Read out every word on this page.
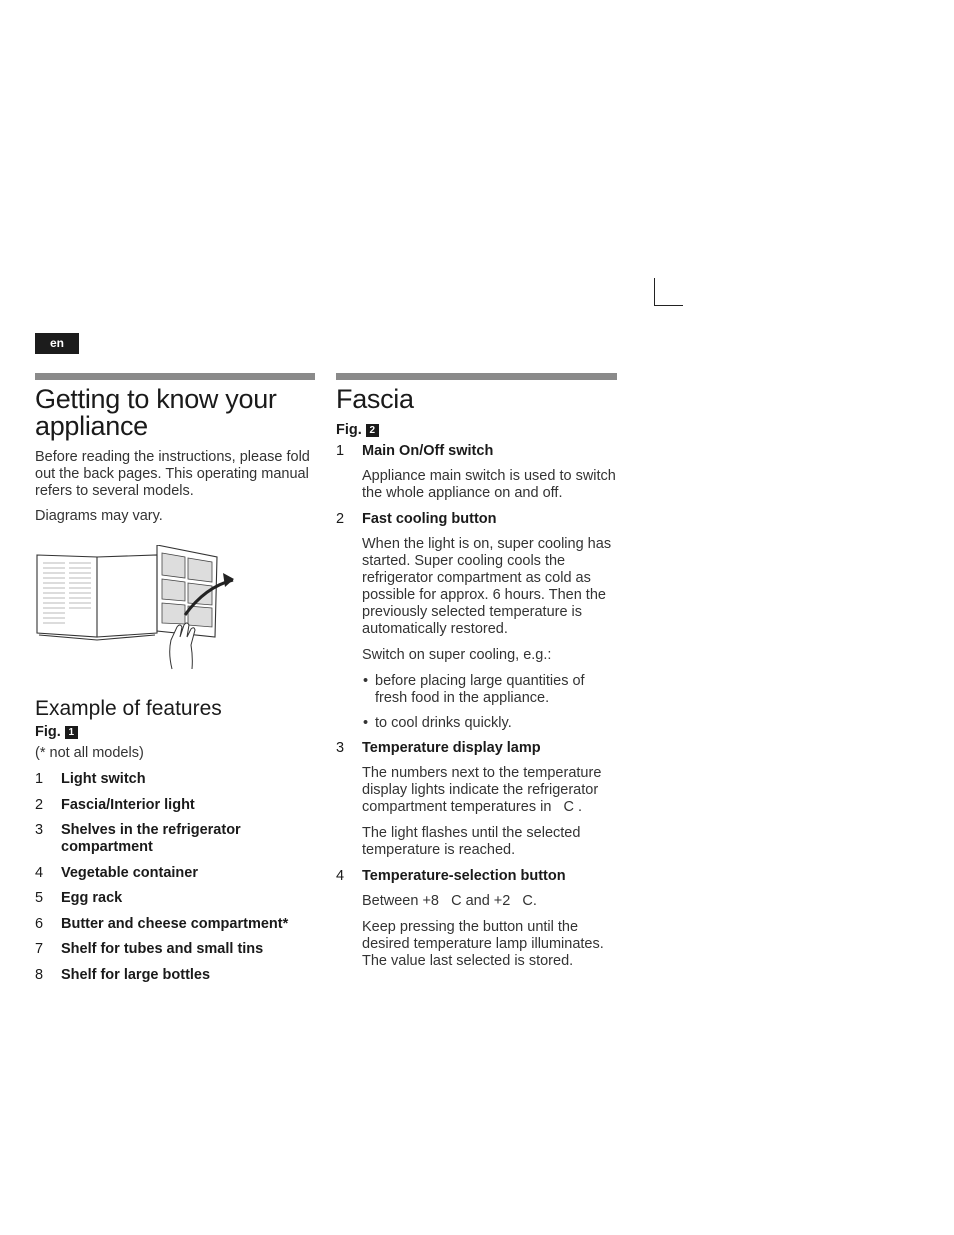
en
Getting to know your appliance

Before reading the instructions, please fold out the back pages. This operating manual refers to several models.

Diagrams may vary.

Example of features
Fig. 1
(* not all models)
1 Light switch
2 Fascia/Interior light
3 Shelves in the refrigerator compartment
4 Vegetable container
5 Egg rack
6 Butter and cheese compartment*
7 Shelf for tubes and small tins
8 Shelf for large bottles
Fascia
Fig. 2
1 Main On/Off switch

Appliance main switch is used to switch the whole appliance on and off.

2 Fast cooling button

When the light is on, super cooling has started. Super cooling cools the refrigerator compartment as cold as possible for approx. 6 hours. Then the previously selected temperature is automatically restored.

Switch on super cooling, e.g.:

• before placing large quantities of fresh food in the appliance.
• to cool drinks quickly.
3 Temperature display lamp

The numbers next to the temperature display lights indicate the refrigerator compartment temperatures in   C .

The light flashes until the selected temperature is reached.

4 Temperature-selection button

Between +8   C and +2   C.

Keep pressing the button until the desired temperature lamp illuminates. The value last selected is stored.
